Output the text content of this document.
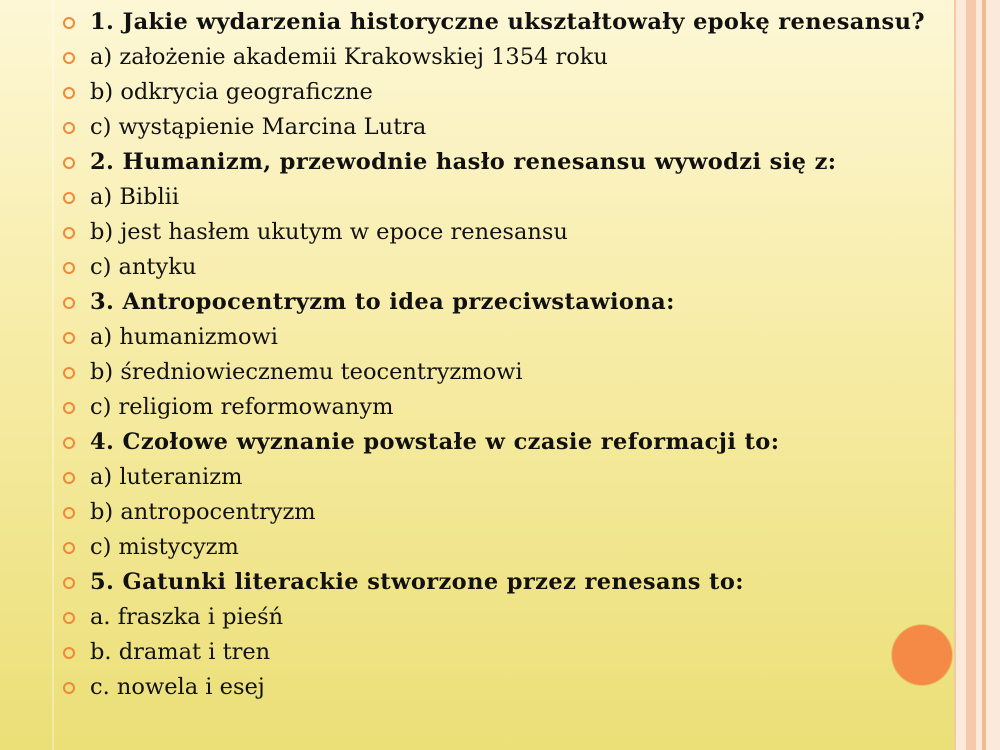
1. Jakie wydarzenia historyczne ukształtowały epokę renesansu?
a) założenie akademii Krakowskiej 1354 roku
b) odkrycia geograficzne
c) wystąpienie Marcina Lutra
2. Humanizm, przewodnie hasło renesansu wywodzi się z:
a) Biblii
b) jest hasłem ukutym w epoce renesansu
c) antyku
3. Antropocentryzm to idea przeciwstawiona:
a) humanizmowi
b) średniowiecznemu teocentryzmowi
c) religiom reformowanym
4. Czołowe wyznanie powstałe w czasie reformacji to:
a) luteranizm
b) antropocentryzm
c) mistycyzm
5. Gatunki literackie stworzone przez renesans to:
a. fraszka i pieśń
b. dramat i tren
c. nowela i esej
